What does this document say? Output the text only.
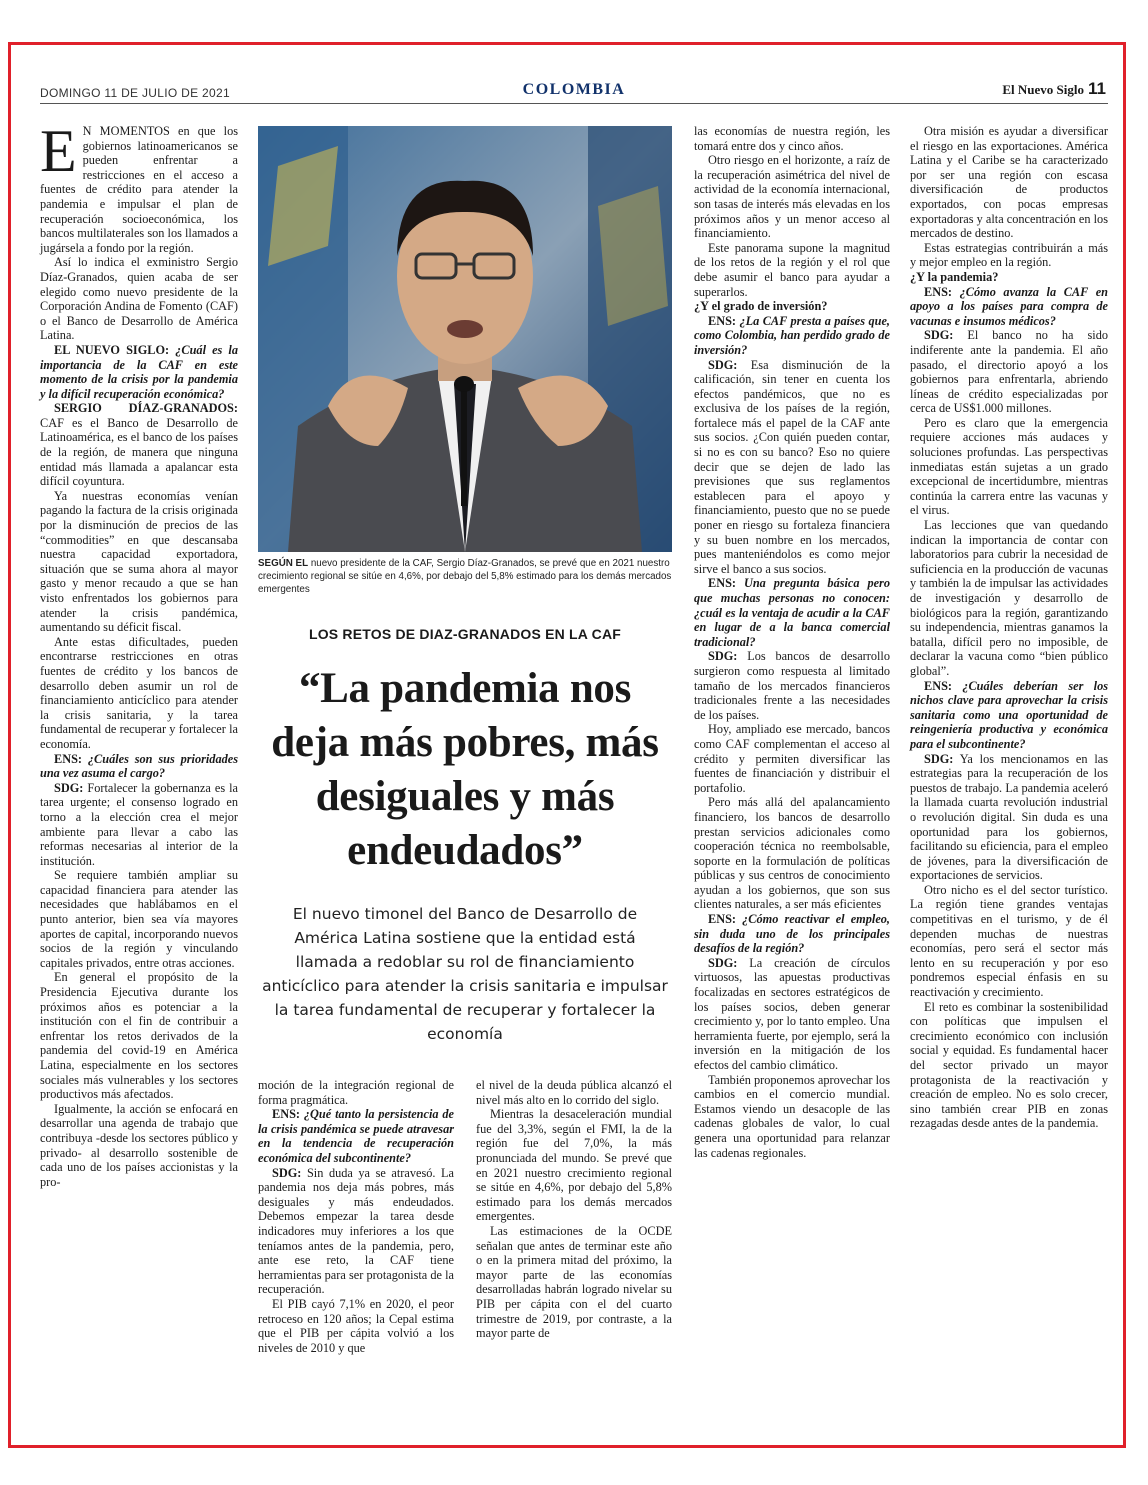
DOMINGO 11 DE JULIO DE 2021	COLOMBIA	El Nuevo Siglo 11

E N MOMENTOS en que los gobiernos latinoamericanos se pueden enfrentar a restricciones en el acceso a fuentes de crédito para atender la pandemia e impulsar el plan de recuperación socioeconómica, los bancos multilaterales son los llamados a jugársela a fondo por la región.

Así lo indica el exministro Sergio Díaz-Granados, quien acaba de ser elegido como nuevo presidente de la Corporación Andina de Fomento (CAF) o el Banco de Desarrollo de América Latina.

EL NUEVO SIGLO: ¿Cuál es la importancia de la CAF en este momento de la crisis por la pandemia y la difícil recuperación económica?

SERGIO DÍAZ-GRANADOS: CAF es el Banco de Desarrollo de Latinoamérica, es el banco de los países de la región, de manera que ninguna entidad más llamada a apalancar esta difícil coyuntura.

Ya nuestras economías venían pagando la factura de la crisis originada por la disminución de precios de las “commodities” en que descansaba nuestra capacidad exportadora, situación que se suma ahora al mayor gasto y menor recaudo a que se han visto enfrentados los gobiernos para atender la crisis pandémica, aumentando su déficit fiscal.

Ante estas dificultades, pueden encontrarse restricciones en otras fuentes de crédito y los bancos de desarrollo deben asumir un rol de financiamiento anticíclico para atender la crisis sanitaria, y la tarea fundamental de recuperar y fortalecer la economía.

ENS: ¿Cuáles son sus prioridades una vez asuma el cargo?

SDG: Fortalecer la gobernanza es la tarea urgente; el consenso logrado en torno a la elección crea el mejor ambiente para llevar a cabo las reformas necesarias al interior de la institución.

Se requiere también ampliar su capacidad financiera para atender las necesidades que hablábamos en el punto anterior, bien sea vía mayores aportes de capital, incorporando nuevos socios de la región y vinculando capitales privados, entre otras acciones.

En general el propósito de la Presidencia Ejecutiva durante los próximos años es potenciar a la institución con el fin de contribuir a enfrentar los retos derivados de la pandemia del covid-19 en América Latina, especialmente en los sectores sociales más vulnerables y los sectores productivos más afectados.

Igualmente, la acción se enfocará en desarrollar una agenda de trabajo que contribuya -desde los sectores público y privado- al desarrollo sostenible de cada uno de los países accionistas y la pro-

SEGÚN EL nuevo presidente de la CAF, Sergio Díaz-Granados, se prevé que en 2021 nuestro crecimiento regional se sitúe en 4,6%, por debajo del 5,8% estimado para los demás mercados emergentes
LOS RETOS DE DIAZ-GRANADOS EN LA CAF
“La pandemia nos deja más pobres, más desiguales y más endeudados”
El nuevo timonel del Banco de Desarrollo de América Latina sostiene que la entidad está llamada a redoblar su rol de financiamiento anticíclico para atender la crisis sanitaria e impulsar la tarea fundamental de recuperar y fortalecer la economía

moción de la integración regional de forma pragmática.

ENS: ¿Qué tanto la persistencia de la crisis pandémica se puede atravesar en la tendencia de recuperación económica del subcontinente?

SDG: Sin duda ya se atravesó. La pandemia nos deja más pobres, más desiguales y más endeudados. Debemos empezar la tarea desde indicadores muy inferiores a los que teníamos antes de la pandemia, pero, ante ese reto, la CAF tiene herramientas para ser protagonista de la recuperación.

El PIB cayó 7,1% en 2020, el peor retroceso en 120 años; la Cepal estima que el PIB per cápita volvió a los niveles de 2010 y que

el nivel de la deuda pública alcanzó el nivel más alto en lo corrido del siglo.

Mientras la desaceleración mundial fue del 3,3%, según el FMI, la de la región fue del 7,0%, la más pronunciada del mundo. Se prevé que en 2021 nuestro crecimiento regional se sitúe en 4,6%, por debajo del 5,8% estimado para los demás mercados emergentes.

Las estimaciones de la OCDE señalan que antes de terminar este año o en la primera mitad del próximo, la mayor parte de las economías desarrolladas habrán logrado nivelar su PIB per cápita con el del cuarto trimestre de 2019, por contraste, a la mayor parte de

las economías de nuestra región, les tomará entre dos y cinco años.

Otro riesgo en el horizonte, a raíz de la recuperación asimétrica del nivel de actividad de la economía internacional, son tasas de interés más elevadas en los próximos años y un menor acceso al financiamiento.

Este panorama supone la magnitud de los retos de la región y el rol que debe asumir el banco para ayudar a superarlos.

¿Y el grado de inversión?

ENS: ¿La CAF presta a países que, como Colombia, han perdido grado de inversión?

SDG: Esa disminución de la calificación, sin tener en cuenta los efectos pandémicos, que no es exclusiva de los países de la región, fortalece más el papel de la CAF ante sus socios. ¿Con quién pueden contar, si no es con su banco? Eso no quiere decir que se dejen de lado las previsiones que sus reglamentos establecen para el apoyo y financiamiento, puesto que no se puede poner en riesgo su fortaleza financiera y su buen nombre en los mercados, pues manteniéndolos es como mejor sirve el banco a sus socios.

ENS: Una pregunta básica pero que muchas personas no conocen: ¿cuál es la ventaja de acudir a la CAF en lugar de a la banca comercial tradicional?

SDG: Los bancos de desarrollo surgieron como respuesta al limitado tamaño de los mercados financieros tradicionales frente a las necesidades de los países.

Hoy, ampliado ese mercado, bancos como CAF complementan el acceso al crédito y permiten diversificar las fuentes de financiación y distribuir el portafolio.

Pero más allá del apalancamiento financiero, los bancos de desarrollo prestan servicios adicionales como cooperación técnica no reembolsable, soporte en la formulación de políticas públicas y sus centros de conocimiento ayudan a los gobiernos, que son sus clientes naturales, a ser más eficientes

ENS: ¿Cómo reactivar el empleo, sin duda uno de los principales desafíos de la región?

SDG: La creación de círculos virtuosos, las apuestas productivas focalizadas en sectores estratégicos de los países socios, deben generar crecimiento y, por lo tanto empleo. Una herramienta fuerte, por ejemplo, será la inversión en la mitigación de los efectos del cambio climático.

También proponemos aprovechar los cambios en el comercio mundial. Estamos viendo un desacople de las cadenas globales de valor, lo cual genera una oportunidad para relanzar las cadenas regionales.

Otra misión es ayudar a diversificar el riesgo en las exportaciones. América Latina y el Caribe se ha caracterizado por ser una región con escasa diversificación de productos exportados, con pocas empresas exportadoras y alta concentración en los mercados de destino.

Estas estrategias contribuirán a más y mejor empleo en la región.

¿Y la pandemia?

ENS: ¿Cómo avanza la CAF en apoyo a los países para compra de vacunas e insumos médicos?

SDG: El banco no ha sido indiferente ante la pandemia. El año pasado, el directorio apoyó a los gobiernos para enfrentarla, abriendo líneas de crédito especializadas por cerca de US$1.000 millones.

Pero es claro que la emergencia requiere acciones más audaces y soluciones profundas. Las perspectivas inmediatas están sujetas a un grado excepcional de incertidumbre, mientras continúa la carrera entre las vacunas y el virus.

Las lecciones que van quedando indican la importancia de contar con laboratorios para cubrir la necesidad de suficiencia en la producción de vacunas y también la de impulsar las actividades de investigación y desarrollo de biológicos para la región, garantizando su independencia, mientras ganamos la batalla, difícil pero no imposible, de declarar la vacuna como “bien público global”.

ENS: ¿Cuáles deberían ser los nichos clave para aprovechar la crisis sanitaria como una oportunidad de reingeniería productiva y económica para el subcontinente?

SDG: Ya los mencionamos en las estrategias para la recuperación de los puestos de trabajo. La pandemia aceleró la llamada cuarta revolución industrial o revolución digital. Sin duda es una oportunidad para los gobiernos, facilitando su eficiencia, para el empleo de jóvenes, para la diversificación de exportaciones de servicios.

Otro nicho es el del sector turístico. La región tiene grandes ventajas competitivas en el turismo, y de él dependen muchas de nuestras economías, pero será el sector más lento en su recuperación y por eso pondremos especial énfasis en su reactivación y crecimiento.

El reto es combinar la sostenibilidad con políticas que impulsen el crecimiento económico con inclusión social y equidad. Es fundamental hacer del sector privado un mayor protagonista de la reactivación y creación de empleo. No es solo crecer, sino también crear PIB en zonas rezagadas desde antes de la pandemia.
